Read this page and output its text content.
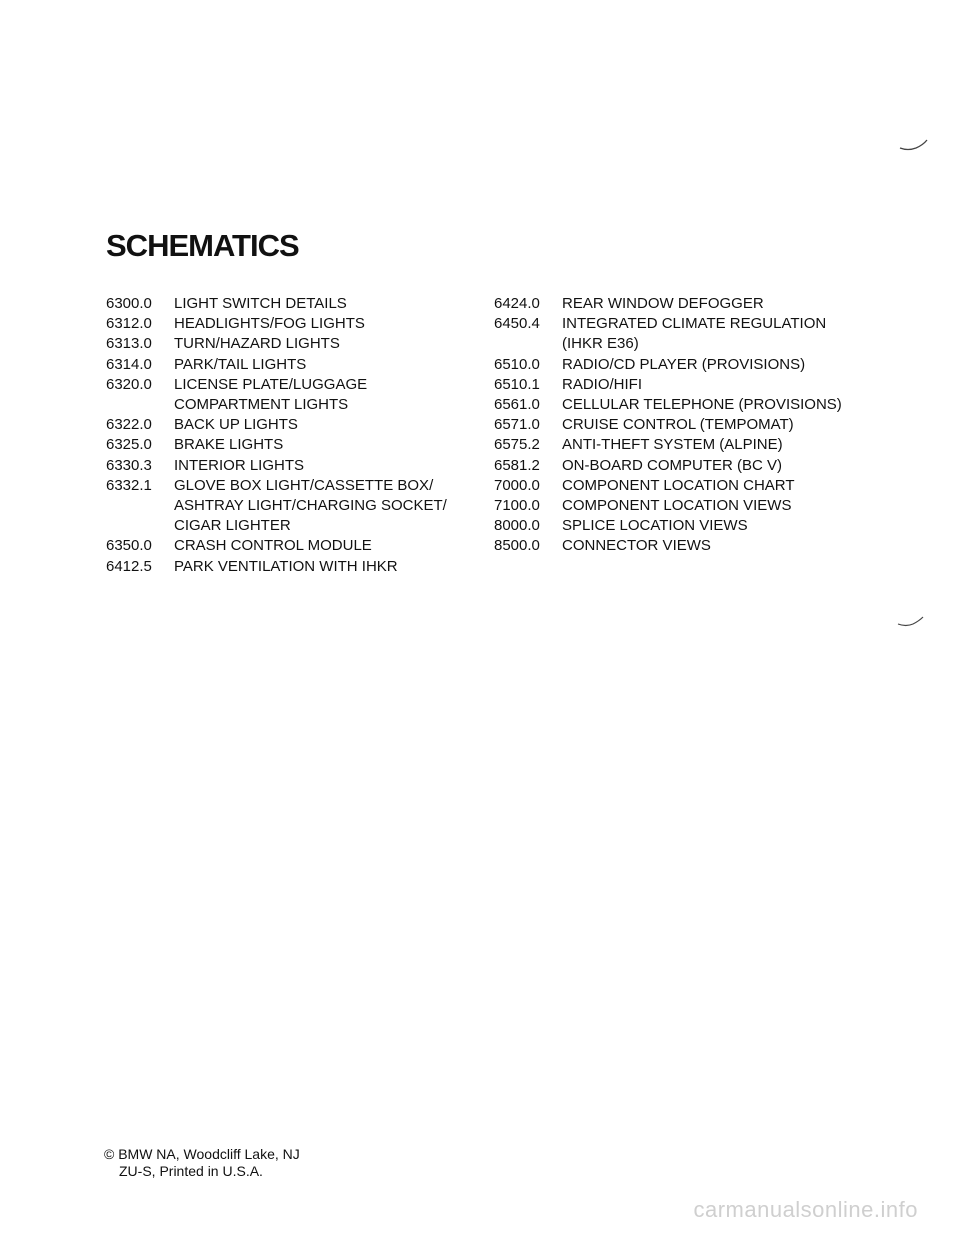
SCHEMATICS
6300.0	LIGHT SWITCH DETAILS
6312.0	HEADLIGHTS/FOG LIGHTS
6313.0	TURN/HAZARD LIGHTS
6314.0	PARK/TAIL LIGHTS
6320.0	LICENSE PLATE/LUGGAGE
COMPARTMENT LIGHTS
6322.0	BACK UP LIGHTS
6325.0	BRAKE LIGHTS
6330.3	INTERIOR LIGHTS
6332.1	GLOVE BOX LIGHT/CASSETTE BOX/
ASHTRAY LIGHT/CHARGING SOCKET/
CIGAR LIGHTER
6350.0	CRASH CONTROL MODULE
6412.5	PARK VENTILATION WITH IHKR
6424.0	REAR WINDOW DEFOGGER
6450.4	INTEGRATED CLIMATE REGULATION
(IHKR E36)
6510.0	RADIO/CD PLAYER (PROVISIONS)
6510.1	RADIO/HIFI
6561.0	CELLULAR TELEPHONE (PROVISIONS)
6571.0	CRUISE CONTROL (TEMPOMAT)
6575.2	ANTI-THEFT SYSTEM (ALPINE)
6581.2	ON-BOARD COMPUTER (BC V)
7000.0	COMPONENT LOCATION CHART
7100.0	COMPONENT LOCATION VIEWS
8000.0	SPLICE LOCATION VIEWS
8500.0	CONNECTOR VIEWS
© BMW NA, Woodcliff Lake, NJ
ZU-S, Printed in U.S.A.
carmanualsonline.info
